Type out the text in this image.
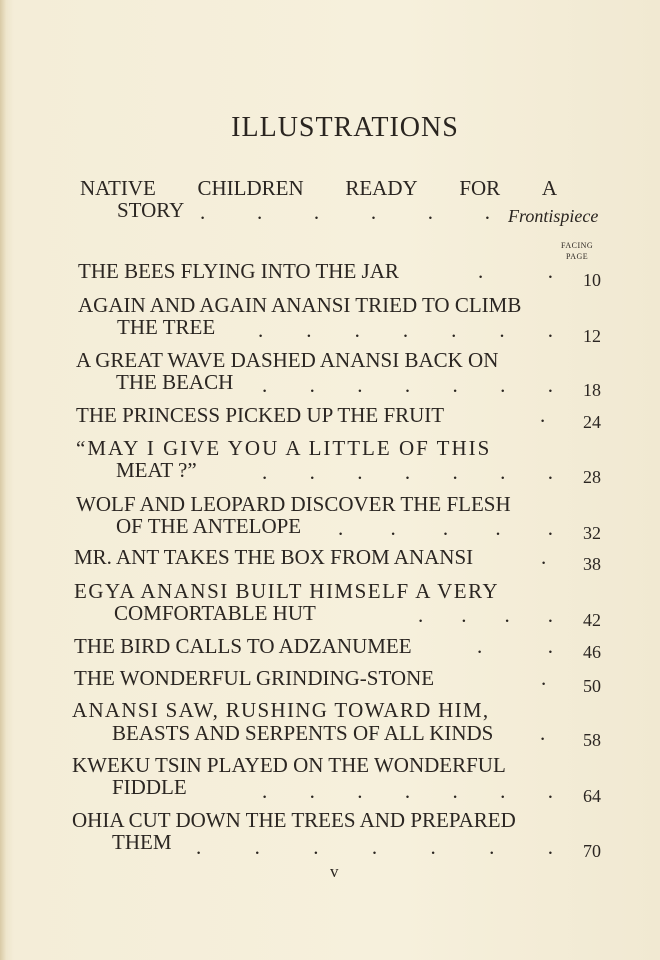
ILLUSTRATIONS
NATIVE CHILDREN READY FOR A
STORY . . . . . . Frontispiece
FACING
PAGE
THE BEES FLYING INTO THE JAR	.	.	10
AGAIN AND AGAIN ANANSI TRIED TO CLIMB
THE TREE . . . . . . .	12
A GREAT WAVE DASHED ANANSI BACK ON
THE BEACH . . . . . . .	18
THE PRINCESS PICKED UP THE FRUIT	.	24
“MAY I GIVE YOU A LITTLE OF THIS
MEAT ?”	. . . . . . .	28
WOLF AND LEOPARD DISCOVER THE FLESH
OF THE ANTELOPE . . . . .	32
MR. ANT TAKES THE BOX FROM ANANSI	.	38
EGYA ANANSI BUILT HIMSELF A VERY
COMFORTABLE HUT	. . . .	42
THE BIRD CALLS TO ADZANUMEE	.	.	46
THE WONDERFUL GRINDING-STONE	.	50
ANANSI SAW, RUSHING TOWARD HIM,
BEASTS AND SERPENTS OF ALL KINDS .	58
KWEKU TSIN PLAYED ON THE WONDERFUL
FIDDLE	. . . . . . .	64
OHIA CUT DOWN THE TREES AND PREPARED
THEM .	.	.	.	.	.	.	70
v
